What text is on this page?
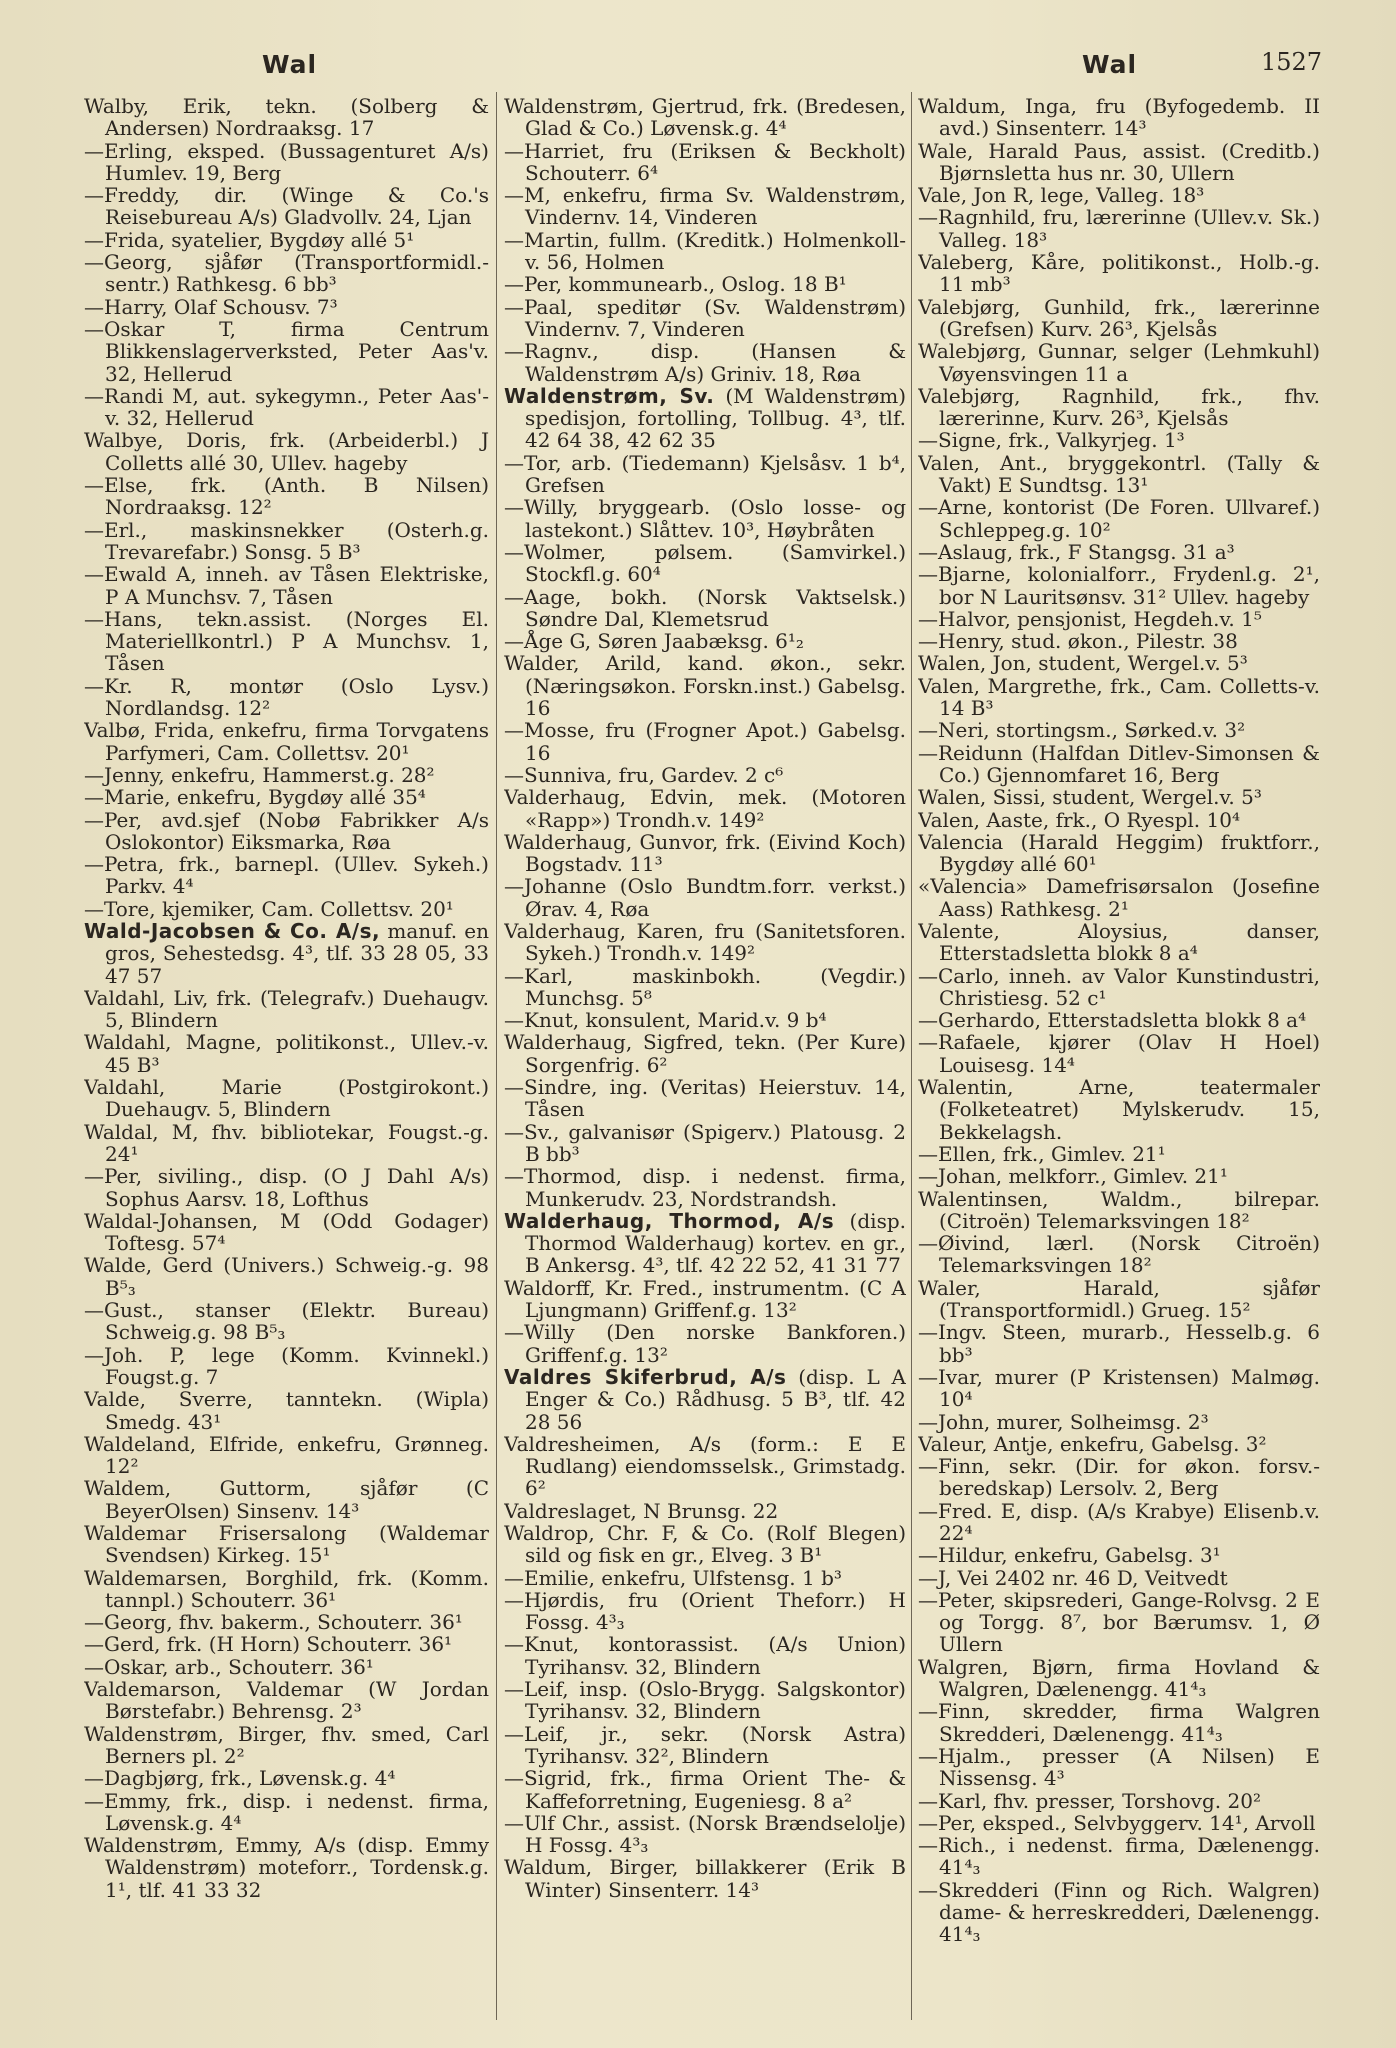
Wal	Wal	1527

Walby, Erik, tekn. (Solberg & Andersen) Nordraaksg. 17

—Erling, eksped. (Bussagenturet A/s) Humlev. 19, Berg

—Freddy, dir. (Winge & Co.'s Reisebureau A/s) Gladvollv. 24, Ljan

—Frida, syatelier, Bygdøy allé 5¹

—Georg, sjåfør (Transportformidl.-sentr.) Rathkesg. 6 bb³

—Harry, Olaf Schousv. 7³

—Oskar T, firma Centrum Blikkenslagerverksted, Peter Aas'v. 32, Hellerud

—Randi M, aut. sykegymn., Peter Aas'-v. 32, Hellerud

Walbye, Doris, frk. (Arbeiderbl.) J Colletts allé 30, Ullev. hageby

—Else, frk. (Anth. B Nilsen) Nordraaksg. 12²

—Erl., maskinsnekker (Osterh.g. Trevarefabr.) Sonsg. 5 B³

—Ewald A, inneh. av Tåsen Elektriske, P A Munchsv. 7, Tåsen

—Hans, tekn.assist. (Norges El. Materiellkontrl.) P A Munchsv. 1, Tåsen

—Kr. R, montør (Oslo Lysv.) Nordlandsg. 12²

Valbø, Frida, enkefru, firma Torvgatens Parfymeri, Cam. Collettsv. 20¹

—Jenny, enkefru, Hammerst.g. 28²

—Marie, enkefru, Bygdøy allé 35⁴

—Per, avd.sjef (Nobø Fabrikker A/s Oslokontor) Eiksmarka, Røa

—Petra, frk., barnepl. (Ullev. Sykeh.) Parkv. 4⁴

—Tore, kjemiker, Cam. Collettsv. 20¹

Wald-Jacobsen & Co. A/s, manuf. en gros, Sehestedsg. 4³, tlf. 33 28 05, 33 47 57

Valdahl, Liv, frk. (Telegrafv.) Duehaugv. 5, Blindern

Waldahl, Magne, politikonst., Ullev.-v. 45 B³

Valdahl, Marie (Postgirokont.) Duehaugv. 5, Blindern

Waldal, M, fhv. bibliotekar, Fougst.-g. 24¹

—Per, siviling., disp. (O J Dahl A/s) Sophus Aarsv. 18, Lofthus

Waldal-Johansen, M (Odd Godager) Toftesg. 57⁴

Walde, Gerd (Univers.) Schweig.-g. 98 B⁵₃

—Gust., stanser (Elektr. Bureau) Schweig.g. 98 B⁵₃

—Joh. P, lege (Komm. Kvinnekl.) Fougst.g. 7

Valde, Sverre, tanntekn. (Wipla) Smedg. 43¹

Waldeland, Elfride, enkefru, Grønneg. 12²

Waldem, Guttorm, sjåfør (C BeyerOlsen) Sinsenv. 14³

Waldemar Frisersalong (Waldemar Svendsen) Kirkeg. 15¹

Waldemarsen, Borghild, frk. (Komm. tannpl.) Schouterr. 36¹

—Georg, fhv. bakerm., Schouterr. 36¹

—Gerd, frk. (H Horn) Schouterr. 36¹

—Oskar, arb., Schouterr. 36¹

Valdemarson, Valdemar (W Jordan Børstefabr.) Behrensg. 2³

Waldenstrøm, Birger, fhv. smed, Carl Berners pl. 2²

—Dagbjørg, frk., Løvensk.g. 4⁴

—Emmy, frk., disp. i nedenst. firma, Løvensk.g. 4⁴

Waldenstrøm, Emmy, A/s (disp. Emmy Waldenstrøm) moteforr., Tordensk.g. 1¹, tlf. 41 33 32

Waldenstrøm, Gjertrud, frk. (Bredesen, Glad & Co.) Løvensk.g. 4⁴

—Harriet, fru (Eriksen & Beckholt) Schouterr. 6⁴

—M, enkefru, firma Sv. Waldenstrøm, Vindernv. 14, Vinderen

—Martin, fullm. (Kreditk.) Holmenkoll-v. 56, Holmen

—Per, kommunearb., Oslog. 18 B¹

—Paal, speditør (Sv. Waldenstrøm) Vindernv. 7, Vinderen

—Ragnv., disp. (Hansen & Waldenstrøm A/s) Griniv. 18, Røa

Waldenstrøm, Sv. (M Waldenstrøm) spedisjon, fortolling, Tollbug. 4³, tlf. 42 64 38, 42 62 35

—Tor, arb. (Tiedemann) Kjelsåsv. 1 b⁴, Grefsen

—Willy, bryggearb. (Oslo losse- og lastekont.) Slåttev. 10³, Høybråten

—Wolmer, pølsem. (Samvirkel.) Stockfl.g. 60⁴

—Aage, bokh. (Norsk Vaktselsk.) Søndre Dal, Klemetsrud

—Åge G, Søren Jaabæksg. 6¹₂

Walder, Arild, kand. økon., sekr. (Næringsøkon. Forskn.inst.) Gabelsg. 16

—Mosse, fru (Frogner Apot.) Gabelsg. 16

—Sunniva, fru, Gardev. 2 c⁶

Valderhaug, Edvin, mek. (Motoren «Rapp») Trondh.v. 149²

Walderhaug, Gunvor, frk. (Eivind Koch) Bogstadv. 11³

—Johanne (Oslo Bundtm.forr. verkst.) Ørav. 4, Røa

Valderhaug, Karen, fru (Sanitetsforen. Sykeh.) Trondh.v. 149²

—Karl, maskinbokh. (Vegdir.) Munchsg. 5⁸

—Knut, konsulent, Marid.v. 9 b⁴

Walderhaug, Sigfred, tekn. (Per Kure) Sorgenfrig. 6²

—Sindre, ing. (Veritas) Heierstuv. 14, Tåsen

—Sv., galvanisør (Spigerv.) Platousg. 2 B bb³

—Thormod, disp. i nedenst. firma, Munkerudv. 23, Nordstrandsh.

Walderhaug, Thormod, A/s (disp. Thormod Walderhaug) kortev. en gr., B Ankersg. 4³, tlf. 42 22 52, 41 31 77

Waldorff, Kr. Fred., instrumentm. (C A Ljungmann) Griffenf.g. 13²

—Willy (Den norske Bankforen.) Griffenf.g. 13²

Valdres Skiferbrud, A/s (disp. L A Enger & Co.) Rådhusg. 5 B³, tlf. 42 28 56

Valdresheimen, A/s (form.: E E Rudlang) eiendomsselsk., Grimstadg. 6²

Valdreslaget, N Brunsg. 22

Waldrop, Chr. F, & Co. (Rolf Blegen) sild og fisk en gr., Elveg. 3 B¹

—Emilie, enkefru, Ulfstensg. 1 b³

—Hjørdis, fru (Orient Theforr.) H Fossg. 4³₃

—Knut, kontorassist. (A/s Union) Tyrihansv. 32, Blindern

—Leif, insp. (Oslo-Brygg. Salgskontor) Tyrihansv. 32, Blindern

—Leif, jr., sekr. (Norsk Astra) Tyrihansv. 32², Blindern

—Sigrid, frk., firma Orient The- & Kaffeforretning, Eugeniesg. 8 a²

—Ulf Chr., assist. (Norsk Brændselolje) H Fossg. 4³₃

Waldum, Birger, billakkerer (Erik B Winter) Sinsenterr. 14³

Waldum, Inga, fru (Byfogedemb. II avd.) Sinsenterr. 14³

Wale, Harald Paus, assist. (Creditb.) Bjørnsletta hus nr. 30, Ullern

Vale, Jon R, lege, Valleg. 18³

—Ragnhild, fru, lærerinne (Ullev.v. Sk.) Valleg. 18³

Valeberg, Kåre, politikonst., Holb.-g. 11 mb³

Valebjørg, Gunhild, frk., lærerinne (Grefsen) Kurv. 26³, Kjelsås

Walebjørg, Gunnar, selger (Lehmkuhl) Vøyensvingen 11 a

Valebjørg, Ragnhild, frk., fhv. lærerinne, Kurv. 26³, Kjelsås

—Signe, frk., Valkyrjeg. 1³

Valen, Ant., bryggekontrl. (Tally & Vakt) E Sundtsg. 13¹

—Arne, kontorist (De Foren. Ullvaref.) Schleppeg.g. 10²

—Aslaug, frk., F Stangsg. 31 a³

—Bjarne, kolonialforr., Frydenl.g. 2¹, bor N Lauritsønsv. 31² Ullev. hageby

—Halvor, pensjonist, Hegdeh.v. 1⁵

—Henry, stud. økon., Pilestr. 38

Walen, Jon, student, Wergel.v. 5³

Valen, Margrethe, frk., Cam. Colletts-v. 14 B³

—Neri, stortingsm., Sørked.v. 3²

—Reidunn (Halfdan Ditlev-Simonsen & Co.) Gjennomfaret 16, Berg

Walen, Sissi, student, Wergel.v. 5³

Valen, Aaste, frk., O Ryespl. 10⁴

Valencia (Harald Heggim) fruktforr., Bygdøy allé 60¹

«Valencia» Damefrisørsalon (Josefine Aass) Rathkesg. 2¹

Valente, Aloysius, danser, Etterstadsletta blokk 8 a⁴

—Carlo, inneh. av Valor Kunstindustri, Christiesg. 52 c¹

—Gerhardo, Etterstadsletta blokk 8 a⁴

—Rafaele, kjører (Olav H Hoel) Louisesg. 14⁴

Walentin, Arne, teatermaler (Folketeatret) Mylskerudv. 15, Bekkelagsh.

—Ellen, frk., Gimlev. 21¹

—Johan, melkforr., Gimlev. 21¹

Walentinsen, Waldm., bilrepar. (Citroën) Telemarksvingen 18²

—Øivind, lærl. (Norsk Citroën) Telemarksvingen 18²

Waler, Harald, sjåfør (Transportformidl.) Grueg. 15²

—Ingv. Steen, murarb., Hesselb.g. 6 bb³

—Ivar, murer (P Kristensen) Malmøg. 10⁴

—John, murer, Solheimsg. 2³

Valeur, Antje, enkefru, Gabelsg. 3²

—Finn, sekr. (Dir. for økon. forsv.-beredskap) Lersolv. 2, Berg

—Fred. E, disp. (A/s Krabye) Elisenb.v. 22⁴

—Hildur, enkefru, Gabelsg. 3¹

—J, Vei 2402 nr. 46 D, Veitvedt

—Peter, skipsrederi, Gange-Rolvsg. 2 E og Torgg. 8⁷, bor Bærumsv. 1, Ø Ullern

Walgren, Bjørn, firma Hovland & Walgren, Dælenengg. 41⁴₃

—Finn, skredder, firma Walgren Skredderi, Dælenengg. 41⁴₃

—Hjalm., presser (A Nilsen) E Nissensg. 4³

—Karl, fhv. presser, Torshovg. 20²

—Per, eksped., Selvbyggerv. 14¹, Arvoll

—Rich., i nedenst. firma, Dælenengg. 41⁴₃

—Skredderi (Finn og Rich. Walgren) dame- & herreskredderi, Dælenengg. 41⁴₃
